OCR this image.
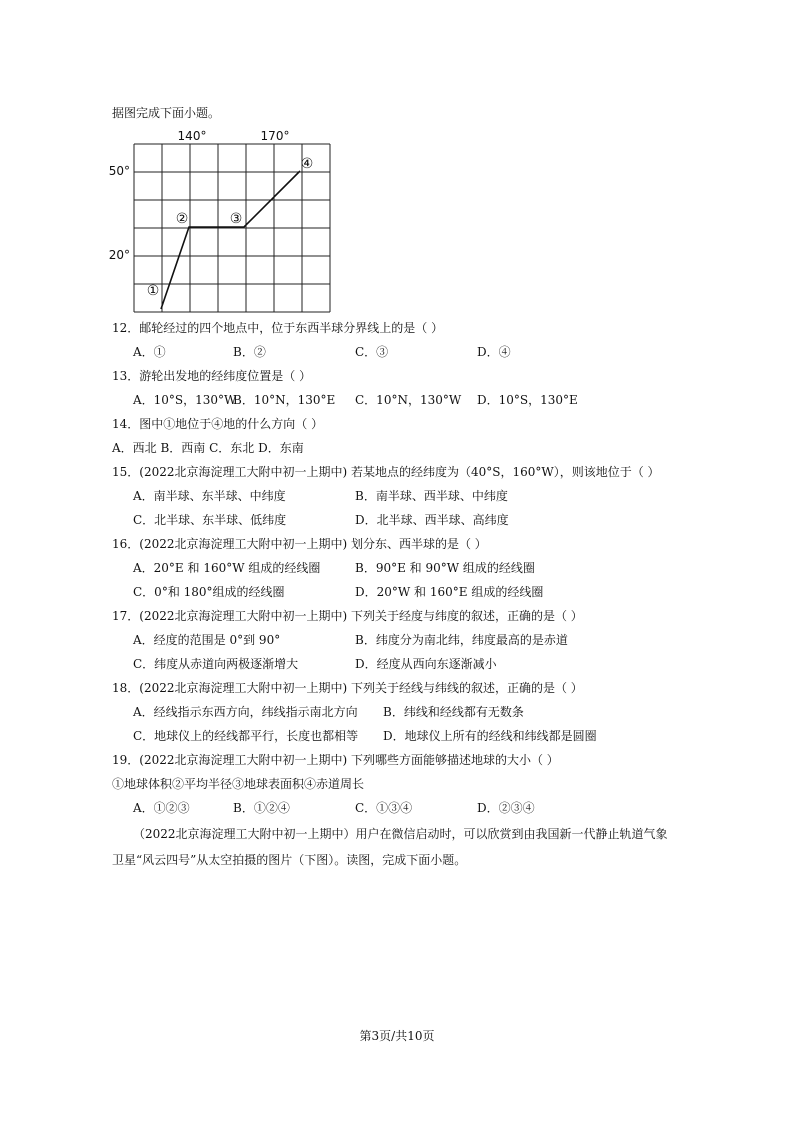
据图完成下面小题。
140°	170°
50°
20°
①
②	③
④
12．邮轮经过的四个地点中，位于东西半球分界线上的是（ ）
A．①	B．②	C．③	D．④
13．游轮出发地的经纬度位置是（ ）
A．10°S，130°W
B．10°N，130°E C．10°N，130°W D．10°S，130°E
14．图中①地位于④地的什么方向（ ）
A．西北 B．西南 C．东北 D．东南
15．(2022北京海淀理工大附中初一上期中) 若某地点的经纬度为（40°S，160°W），则该地位于（ ）
A．南半球、东半球、中纬度	B．南半球、西半球、中纬度
C．北半球、东半球、低纬度	D．北半球、西半球、高纬度
16．(2022北京海淀理工大附中初一上期中) 划分东、西半球的是（ ）
A．20°E 和 160°W 组成的经线圈	B．90°E 和 90°W 组成的经线圈
C．0°和 180°组成的经线圈	D．20°W 和 160°E 组成的经线圈
17．(2022北京海淀理工大附中初一上期中) 下列关于经度与纬度的叙述，正确的是（ ）
A．经度的范围是 0°到 90°	B．纬度分为南北纬，纬度最高的是赤道
C．纬度从赤道向两极逐渐增大	D．经度从西向东逐渐减小
18．(2022北京海淀理工大附中初一上期中) 下列关于经线与纬线的叙述，正确的是（ ）
A．经线指示东西方向，纬线指示南北方向 B．纬线和经线都有无数条
C．地球仪上的经线都平行，长度也都相等 D．地球仪上所有的经线和纬线都是圆圈
19．(2022北京海淀理工大附中初一上期中) 下列哪些方面能够描述地球的大小（ ）
①地球体积②平均半径③地球表面积④赤道周长
A．①②③	B．①②④	C．①③④	D．②③④
（2022北京海淀理工大附中初一上期中）用户在微信启动时，可以欣赏到由我国新一代静止轨道气象
卫星“风云四号”从太空拍摄的图片（下图）。读图，完成下面小题。
第3页/共10页
